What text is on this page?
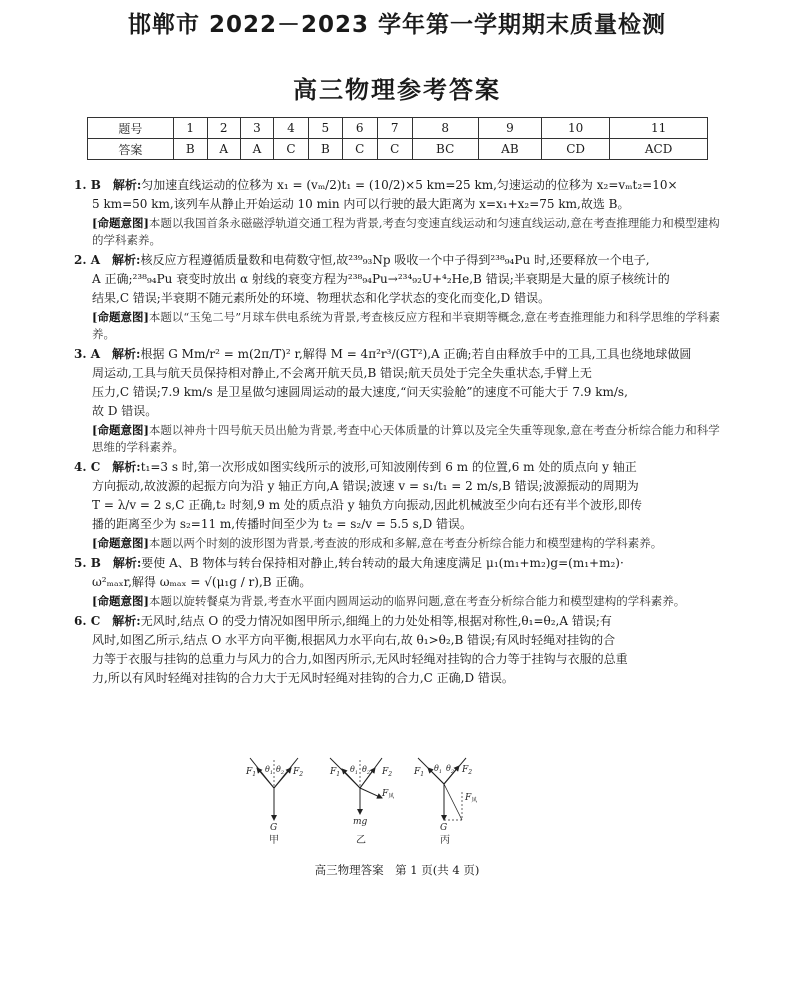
邯郸市 2022－2023 学年第一学期期末质量检测
高三物理参考答案
题号	1	2	3	4	5	6	7	8	9	10	11
答案	B	A	A	C	B	C	C	BC	AB	CD	ACD

1. B　解析:匀加速直线运动的位移为 x₁ = (vₘ/2)t₁ = (10/2)×5 km=25 km,匀速运动的位移为 x₂=vₘt₂=10×

5 km=50 km,该列车从静止开始运动 10 min 内可以行驶的最大距离为 x=x₁+x₂=75 km,故选 B。

[命题意图]本题以我国首条永磁磁浮轨道交通工程为背景,考查匀变速直线运动和匀速直线运动,意在考查推理能力和模型建构的学科素养。

2. A　解析:核反应方程遵循质量数和电荷数守恒,故²³⁹₉₃Np 吸收一个中子得到²³⁸₉₄Pu 时,还要释放一个电子,

A 正确;²³⁸₉₄Pu 衰变时放出 α 射线的衰变方程为²³⁸₉₄Pu→²³⁴₉₂U+⁴₂He,B 错误;半衰期是大量的原子核统计的

结果,C 错误;半衰期不随元素所处的环境、物理状态和化学状态的变化而变化,D 错误。

[命题意图]本题以“玉兔二号”月球车供电系统为背景,考查核反应方程和半衰期等概念,意在考查推理能力和科学思维的学科素养。

3. A　解析:根据 G Mm/r² = m(2π/T)² r,解得 M = 4π²r³/(GT²),A 正确;若自由释放手中的工具,工具也绕地球做圆

周运动,工具与航天员保持相对静止,不会离开航天员,B 错误;航天员处于完全失重状态,手臂上无

压力,C 错误;7.9 km/s 是卫星做匀速圆周运动的最大速度,“问天实验舱”的速度不可能大于 7.9 km/s,

故 D 错误。

[命题意图]本题以神舟十四号航天员出舱为背景,考查中心天体质量的计算以及完全失重等现象,意在考查分析综合能力和科学思维的学科素养。

4. C　解析:t₁=3 s 时,第一次形成如图实线所示的波形,可知波刚传到 6 m 的位置,6 m 处的质点向 y 轴正

方向振动,故波源的起振方向为沿 y 轴正方向,A 错误;波速 v = s₁/t₁ = 2 m/s,B 错误;波源振动的周期为

T = λ/v = 2 s,C 正确,t₂ 时刻,9 m 处的质点沿 y 轴负方向振动,因此机械波至少向右还有半个波形,即传

播的距离至少为 s₂=11 m,传播时间至少为 t₂ = s₂/v = 5.5 s,D 错误。

[命题意图]本题以两个时刻的波形图为背景,考查波的形成和多解,意在考查分析综合能力和模型建构的学科素养。

5. B　解析:要使 A、B 物体与转台保持相对静止,转台转动的最大角速度满足 μ₁(m₁+m₂)g=(m₁+m₂)·

ω²ₘₐₓr,解得 ωₘₐₓ = √(μ₁g / r),B 正确。

[命题意图]本题以旋转餐桌为背景,考查水平面内圆周运动的临界问题,意在考查分析综合能力和模型建构的学科素养。

6. C　解析:无风时,结点 O 的受力情况如图甲所示,细绳上的力处处相等,根据对称性,θ₁=θ₂,A 错误;有

风时,如图乙所示,结点 O 水平方向平衡,根据风力水平向右,故 θ₁>θ₂,B 错误;有风时轻绳对挂钩的合

力等于衣服与挂钩的总重力与风力的合力,如图丙所示,无风时轻绳对挂钩的合力等于挂钩与衣服的总重

力,所以有风时轻绳对挂钩的合力大于无风时轻绳对挂钩的合力,C 正确,D 错误。

$F_1$	$F_2$
$\theta_1$ $\theta_2$
G
甲
$F_1$	$F_2$
$\theta_1$ $\theta_2$
$F_风$
mg
乙
$F_1$	$F_2$
$\theta_1$ $\theta_2$
$F_风$
G
丙
高三物理答案　第 1 页(共 4 页)
